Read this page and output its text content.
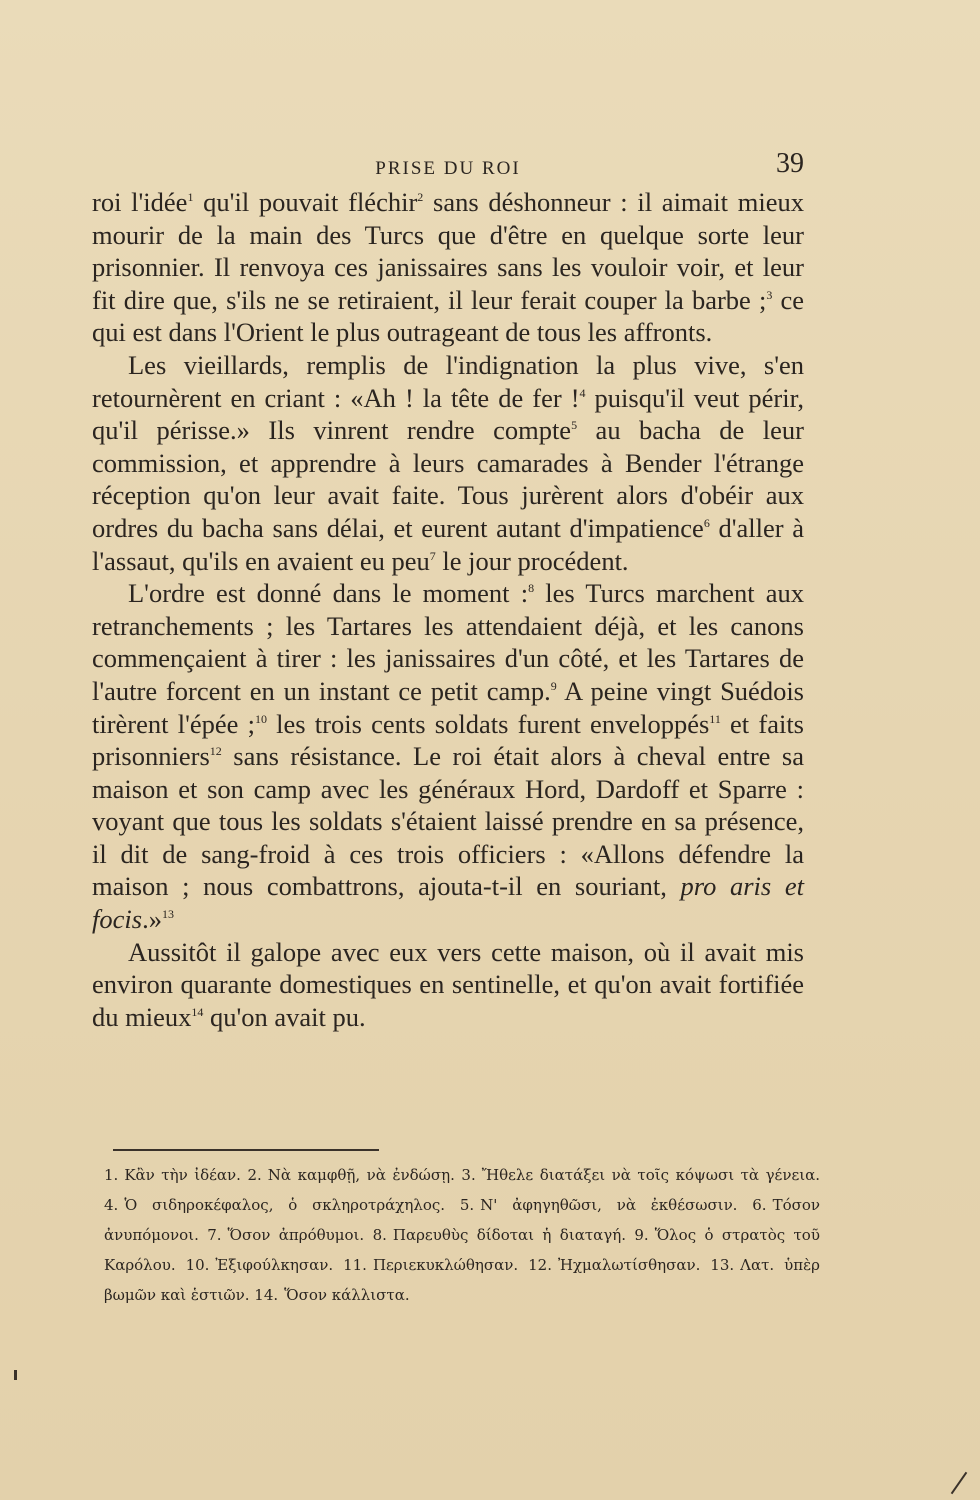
PRISE DU ROI	39

roi l'idée$^1$ qu'il pouvait fléchir$^2$ sans déshonneur : il aimait mieux mourir de la main des Turcs que d'être en quelque sorte leur prisonnier. Il renvoya ces janissaires sans les vouloir voir, et leur fit dire que, s'ils ne se retiraient, il leur ferait couper la barbe ;$^3$ ce qui est dans l'Orient le plus outrageant de tous les affronts.

Les vieillards, remplis de l'indignation la plus vive, s'en retournèrent en criant : «Ah ! la tête de fer !$^4$ puisqu'il veut périr, qu'il périsse.» Ils vinrent rendre compte$^5$ au bacha de leur commission, et apprendre à leurs camarades à Bender l'étrange réception qu'on leur avait faite. Tous jurèrent alors d'obéir aux ordres du bacha sans délai, et eurent autant d'impatience$^6$ d'aller à l'assaut, qu'ils en avaient eu peu$^7$ le jour procédent.

L'ordre est donné dans le moment :$^8$ les Turcs marchent aux retranchements ; les Tartares les attendaient déjà, et les canons commençaient à tirer : les janissaires d'un côté, et les Tartares de l'autre forcent en un instant ce petit camp.$^9$ A peine vingt Suédois tirèrent l'épée ;$^{10}$ les trois cents soldats furent enveloppés$^{11}$ et faits prisonniers$^{12}$ sans résistance. Le roi était alors à cheval entre sa maison et son camp avec les généraux Hord, Dardoff et Sparre : voyant que tous les soldats s'étaient laissé prendre en sa présence, il dit de sang-froid à ces trois officiers : «Allons défendre la maison ; nous combattrons, ajouta-t-il en souriant, pro aris et focis.»$^{13}$

Aussitôt il galope avec eux vers cette maison, où il avait mis environ quarante domestiques en sentinelle, et qu'on avait fortifiée du mieux$^{14}$ qu'on avait pu.

1. Κἂν τὴν ἰδέαν. 2. Νὰ καμφθῇ, νὰ ἐνδώσῃ. 3. Ἤθελε διατάξει νὰ τοῖς κόψωσι τὰ γένεια. 4. Ὁ σιδηροκέφαλος, ὁ σκληροτράχηλος. 5. Ν' ἀφηγηθῶσι, νὰ ἐκθέσωσιν. 6. Τόσον ἀνυπόμονοι. 7. Ὅσον ἀπρόθυμοι. 8. Παρευθὺς δίδοται ἡ διαταγή. 9. Ὅλος ὁ στρατὸς τοῦ Καρόλου. 10. Ἐξιφούλκησαν. 11. Περιεκυκλώθησαν. 12. Ἠχμαλωτίσθησαν. 13. Λατ. ὑπὲρ βωμῶν καὶ ἑστιῶν. 14. Ὅσον κάλλιστα.
